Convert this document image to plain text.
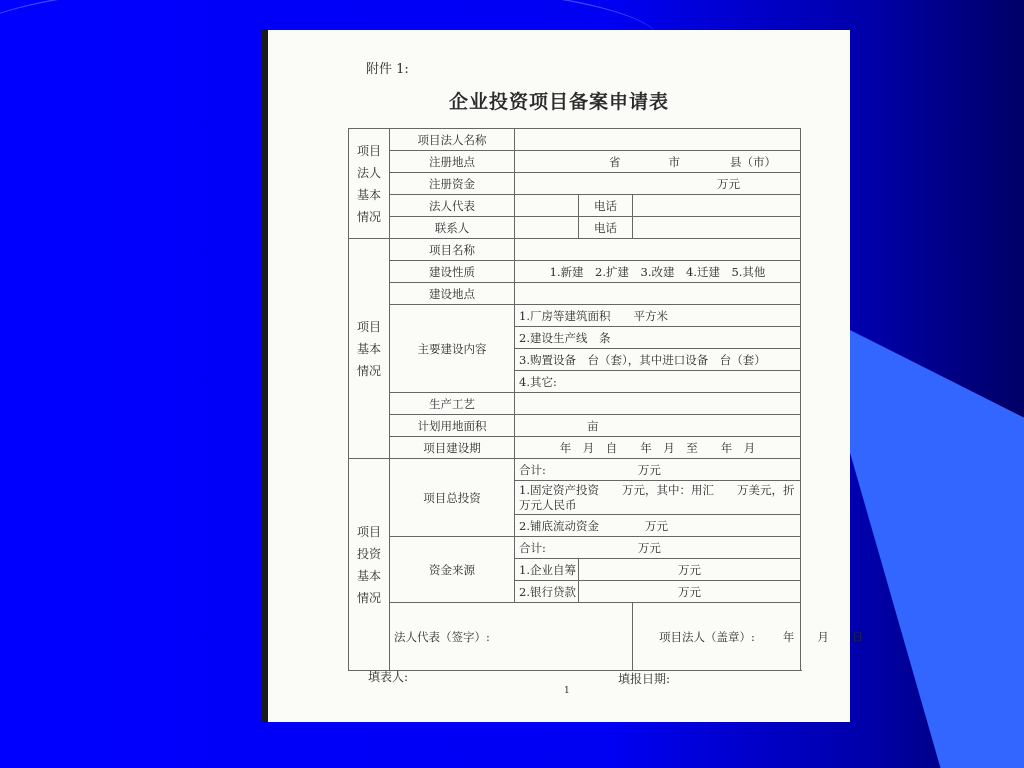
附件 1:
企业投资项目备案申请表
项目法人基本情况	项目法人名称			
	注册地点	省 市 县（市）		
	注册资金	万元		
	法人代表		电话	
	联系人		电话	
项目基本情况	项目名称			
	建设性质	1.新建　2.扩建　3.改建　4.迁建　5.其他		
	建设地点			
	主要建设内容	1.厂房等建筑面积　　平方米		
		2.建设生产线　条		
		3.购置设备　台（套），其中进口设备　台（套）		
		4.其它:		
	生产工艺			
	计划用地面积	亩		
	项目建设期	年　月　自　　年　月　至　　年　月		
项目投资基本情况	项目总投资	合计:　　　　　　　　万元		
		1.固定资产投资　　万元，其中：用汇　　万美元，折　　万元人民币		
		2.铺底流动资金　　　　万元		
	资金来源	合计:　　　　　　　　万元		
		1.企业自筹	万元	
		2.银行贷款	万元	
	法人代表（签字）:			项目法人（盖章）: 年　　月　　日
填表人:	填报日期:
1
